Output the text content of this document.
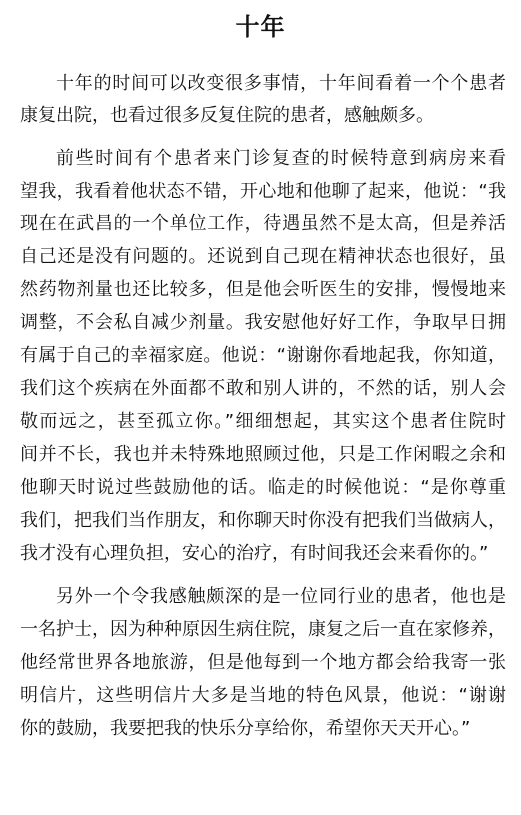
十年
十年的时间可以改变很多事情，十年间看着一个个患者
康复出院，也看过很多反复住院的患者，感触颇多。
前些时间有个患者来门诊复查的时候特意到病房来看
望我，我看着他状态不错，开心地和他聊了起来，他说：“我
现在在武昌的一个单位工作，待遇虽然不是太高，但是养活
自己还是没有问题的。还说到自己现在精神状态也很好，虽
然药物剂量也还比较多，但是他会听医生的安排，慢慢地来
调整，不会私自减少剂量。我安慰他好好工作，争取早日拥
有属于自己的幸福家庭。他说：“谢谢你看地起我，你知道，
我们这个疾病在外面都不敢和别人讲的，不然的话，别人会
敬而远之，甚至孤立你。”细细想起，其实这个患者住院时
间并不长，我也并未特殊地照顾过他，只是工作闲暇之余和
他聊天时说过些鼓励他的话。临走的时候他说：“是你尊重
我们，把我们当作朋友，和你聊天时你没有把我们当做病人，
我才没有心理负担，安心的治疗，有时间我还会来看你的。”
另外一个令我感触颇深的是一位同行业的患者，他也是
一名护士，因为种种原因生病住院，康复之后一直在家修养，
他经常世界各地旅游，但是他每到一个地方都会给我寄一张
明信片，这些明信片大多是当地的特色风景，他说：“谢谢
你的鼓励，我要把我的快乐分享给你，希望你天天开心。”
